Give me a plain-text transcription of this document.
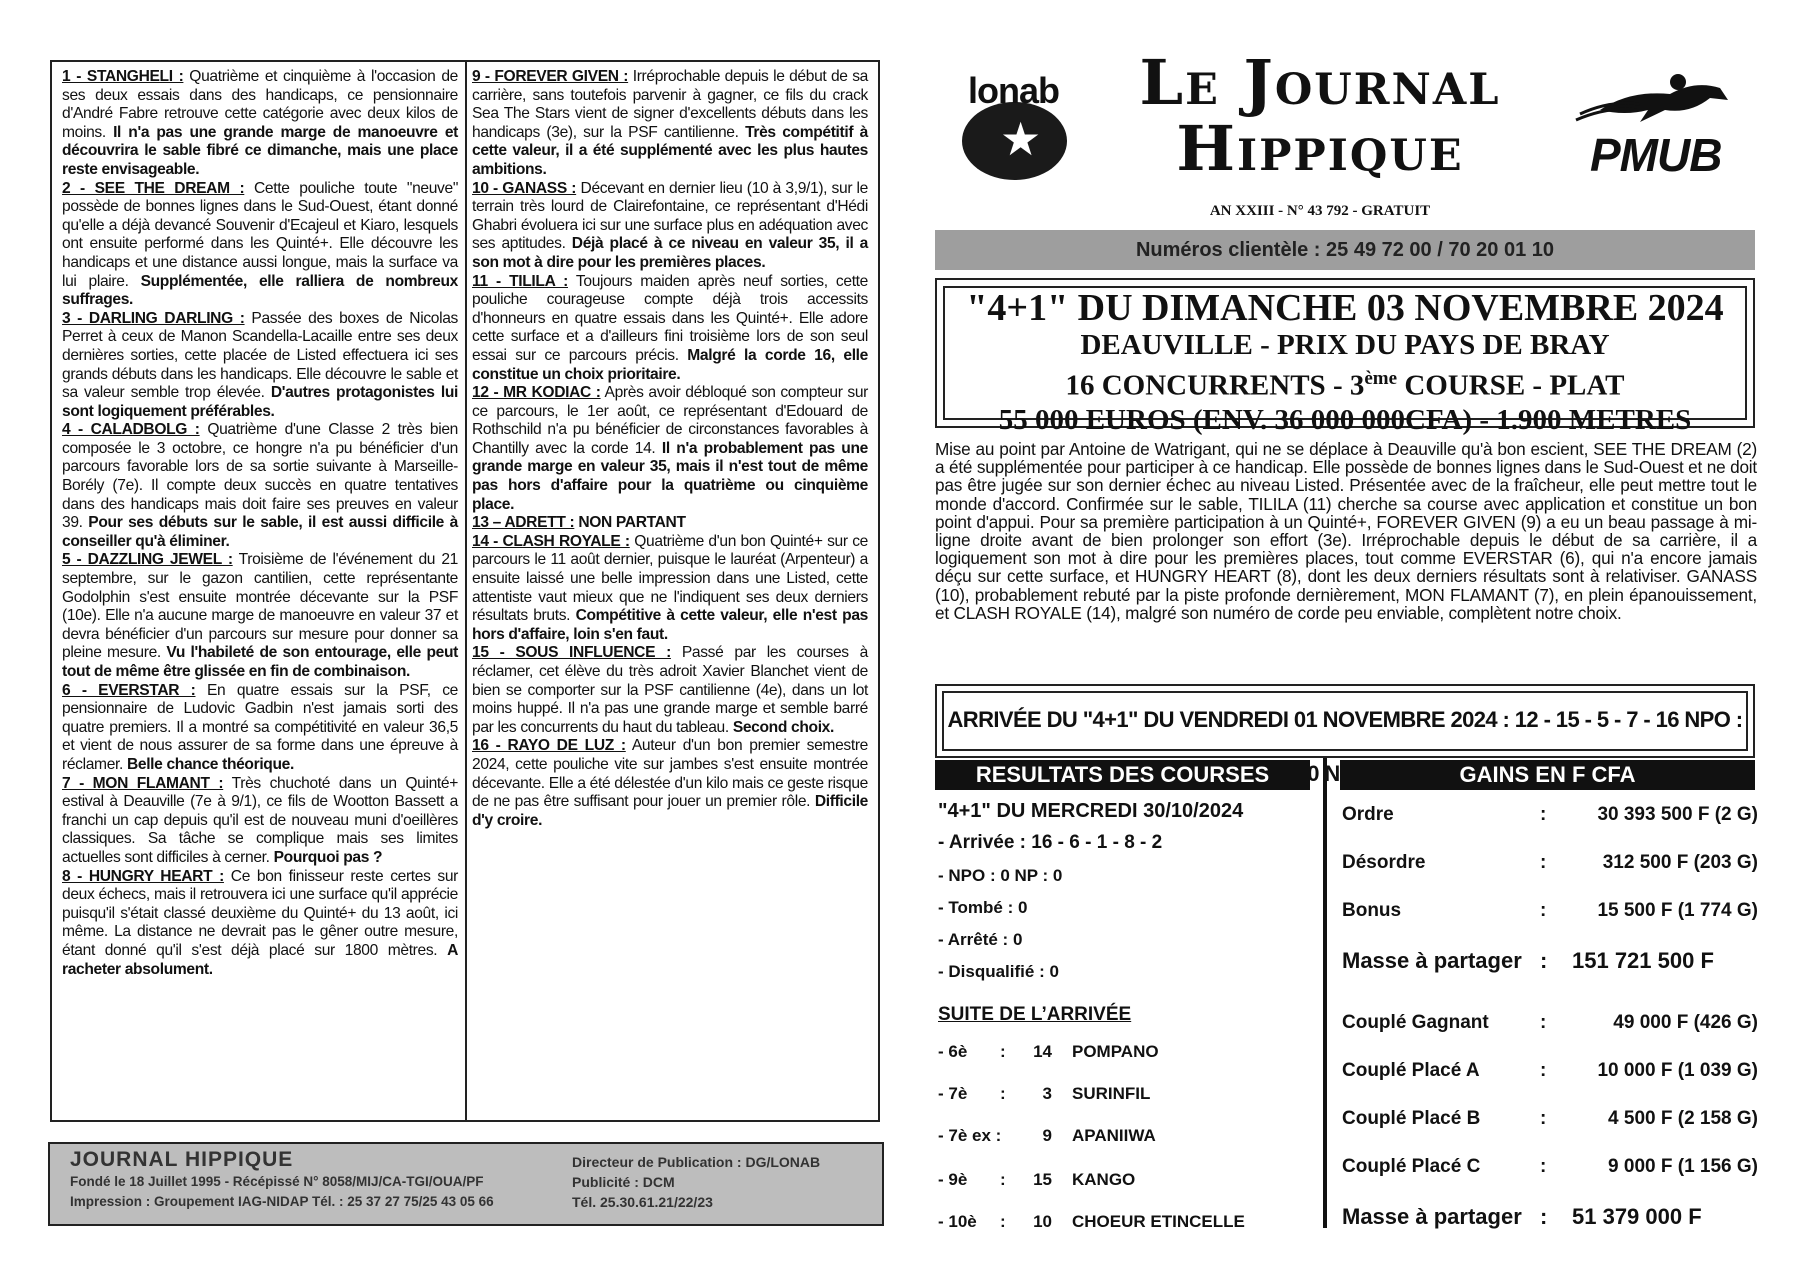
1 - STANGHELI : Quatrième et cinquième à l'occasion de ses deux essais dans des handicaps, ce pensionnaire d'André Fabre retrouve cette catégorie avec deux kilos de moins. Il n'a pas une grande marge de manoeuvre et découvrira le sable fibré ce dimanche, mais une place reste envisageable.

2 - SEE THE DREAM : Cette pouliche toute "neuve" possède de bonnes lignes dans le Sud-Ouest, étant donné qu'elle a déjà devancé Souvenir d'Ecajeul et Kiaro, lesquels ont ensuite performé dans les Quinté+. Elle découvre les handicaps et une distance aussi longue, mais la surface va lui plaire. Supplémentée, elle ralliera de nombreux suffrages.

3 - DARLING DARLING : Passée des boxes de Nicolas Perret à ceux de Manon Scandella-Lacaille entre ses deux dernières sorties, cette placée de Listed effectuera ici ses grands débuts dans les handicaps. Elle découvre le sable et sa valeur semble trop élevée. D'autres protagonistes lui sont logiquement préférables.

4 - CALADBOLG : Quatrième d'une Classe 2 très bien composée le 3 octobre, ce hongre n'a pu bénéficier d'un parcours favorable lors de sa sortie suivante à Marseille-Borély (7e). Il compte deux succès en quatre tentatives dans des handicaps mais doit faire ses preuves en valeur 39. Pour ses débuts sur le sable, il est aussi difficile à conseiller qu'à éliminer.

5 - DAZZLING JEWEL : Troisième de l'événement du 21 septembre, sur le gazon cantilien, cette représentante Godolphin s'est ensuite montrée décevante sur la PSF (10e). Elle n'a aucune marge de manoeuvre en valeur 37 et devra bénéficier d'un parcours sur mesure pour donner sa pleine mesure. Vu l'habileté de son entourage, elle peut tout de même être glissée en fin de combinaison.

6 - EVERSTAR : En quatre essais sur la PSF, ce pensionnaire de Ludovic Gadbin n'est jamais sorti des quatre premiers. Il a montré sa compétitivité en valeur 36,5 et vient de nous assurer de sa forme dans une épreuve à réclamer. Belle chance théorique.

7 - MON FLAMANT : Très chuchoté dans un Quinté+ estival à Deauville (7e à 9/1), ce fils de Wootton Bassett a franchi un cap depuis qu'il est de nouveau muni d'oeillères classiques. Sa tâche se complique mais ses limites actuelles sont difficiles à cerner. Pourquoi pas ?

8 - HUNGRY HEART : Ce bon finisseur reste certes sur deux échecs, mais il retrouvera ici une surface qu'il apprécie puisqu'il s'était classé deuxième du Quinté+ du 13 août, ici même. La distance ne devrait pas le gêner outre mesure, étant donné qu'il s'est déjà placé sur 1800 mètres. A racheter absolument.

9 - FOREVER GIVEN : Irréprochable depuis le début de sa carrière, sans toutefois parvenir à gagner, ce fils du crack Sea The Stars vient de signer d'excellents débuts dans les handicaps (3e), sur la PSF cantilienne. Très compétitif à cette valeur, il a été supplémenté avec les plus hautes ambitions.

10 - GANASS : Décevant en dernier lieu (10 à 3,9/1), sur le terrain très lourd de Clairefontaine, ce représentant d'Hédi Ghabri évoluera ici sur une surface plus en adéquation avec ses aptitudes. Déjà placé à ce niveau en valeur 35, il a son mot à dire pour les premières places.

11 - TILILA : Toujours maiden après neuf sorties, cette pouliche courageuse compte déjà trois accessits d'honneurs en quatre essais dans les Quinté+. Elle adore cette surface et a d'ailleurs fini troisième lors de son seul essai sur ce parcours précis. Malgré la corde 16, elle constitue un choix prioritaire.

12 - MR KODIAC : Après avoir débloqué son compteur sur ce parcours, le 1er août, ce représentant d'Edouard de Rothschild n'a pu bénéficier de circonstances favorables à Chantilly avec la corde 14. Il n'a probablement pas une grande marge en valeur 35, mais il n'est tout de même pas hors d'affaire pour la quatrième ou cinquième place.

13 – ADRETT : NON PARTANT

14 - CLASH ROYALE : Quatrième d'un bon Quinté+ sur ce parcours le 11 août dernier, puisque le lauréat (Arpenteur) a ensuite laissé une belle impression dans une Listed, cette attentiste vaut mieux que ne l'indiquent ses deux derniers résultats bruts. Compétitive à cette valeur, elle n'est pas hors d'affaire, loin s'en faut.

15 - SOUS INFLUENCE : Passé par les courses à réclamer, cet élève du très adroit Xavier Blanchet vient de bien se comporter sur la PSF cantilienne (4e), dans un lot moins huppé. Il n'a pas une grande marge et semble barré par les concurrents du haut du tableau. Second choix.

16 - RAYO DE LUZ : Auteur d'un bon premier semestre 2024, cette pouliche vite sur jambes s'est ensuite montrée décevante. Elle a été délestée d'un kilo mais ce geste risque de ne pas être suffisant pour jouer un premier rôle. Difficile d'y croire.

JOURNAL HIPPIQUE
Fondé le 18 Juillet 1995 - Récépissé N° 8058/MIJ/CA-TGI/OUA/PF
Impression : Groupement IAG-NIDAP Tél. : 25 37 27 75/25 43 05 66
Directeur de Publication : DG/LONAB
Publicité : DCM
Tél. 25.30.61.21/22/23
lonab
★
Le Journal
Hippique
AN XXIII - N° 43 792 - GRATUIT
PMUB
Numéros clientèle : 25 49 72 00 / 70 20 01 10
"4+1" DU DIMANCHE 03 NOVEMBRE 2024
DEAUVILLE - PRIX DU PAYS DE BRAY
16 CONCURRENTS - 3ème COURSE - PLAT
55 000 EUROS (ENV. 36 000 000CFA) - 1.900 METRES
Mise au point par Antoine de Watrigant, qui ne se déplace à Deauville qu'à bon escient, SEE THE DREAM (2) a été supplémentée pour participer à ce handicap. Elle possède de bonnes lignes dans le Sud-Ouest et ne doit pas être jugée sur son dernier échec au niveau Listed. Présentée avec de la fraîcheur, elle peut mettre tout le monde d'accord. Confirmée sur le sable, TILILA (11) cherche sa course avec application et constitue un bon point d'appui. Pour sa première participation à un Quinté+, FOREVER GIVEN (9) a eu un beau passage à mi-ligne droite avant de bien prolonger son effort (3e). Irréprochable depuis le début de sa carrière, il a logiquement son mot à dire pour les premières places, tout comme EVERSTAR (6), qui n'a encore jamais déçu sur cette surface, et HUNGRY HEART (8), dont les deux derniers résultats sont à relativiser. GANASS (10), probablement rebuté par la piste profonde dernièrement, MON FLAMANT (7), en plein épanouissement, et CLASH ROYALE (14), malgré son numéro de corde peu enviable, complètent notre choix.
ARRIVÉE DU "4+1" DU VENDREDI 01 NOVEMBRE 2024 : 12 - 15 - 5 - 7 - 16 NPO : 0 NP
RESULTATS DES COURSES
"4+1" DU MERCREDI 30/10/2024
- Arrivée : 16 - 6 - 1 - 8 - 2
- NPO : 0 NP : 0
- Tombé : 0
- Arrêté : 0
- Disqualifié : 0
SUITE DE L’ARRIVÉE
- 6è : 14 POMPANO
- 7è :	3 SURINFIL
- 7è ex :	9 APANIIWA
- 9è : 15 KANGO
- 10è : 10 CHOEUR ETINCELLE
GAINS EN F CFA
Ordre	:	30 393 500 F (2 G)
Désordre	:	312 500 F (203 G)
Bonus	:	15 500 F (1 774 G)
Masse à partager : 151 721 500 F
Couplé Gagnant	:	49 000 F (426 G)
Couplé Placé A	:	10 000 F (1 039 G)
Couplé Placé B	:	4 500 F (2 158 G)
Couplé Placé C	:	9 000 F (1 156 G)
Masse à partager : 51 379 000 F
